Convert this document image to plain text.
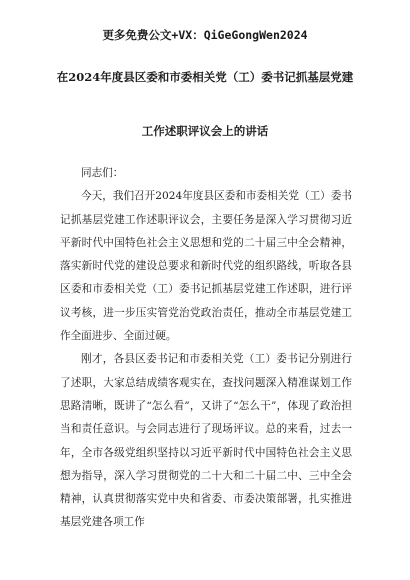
更多免费公文+VX：QiGeGongWen2024
在2024年度县区委和市委相关党（工）委书记抓基层党建
工作述职评议会上的讲话

同志们：

今天，我们召开2024年度县区委和市委相关党（工）委书记抓基层党建工作述职评议会，主要任务是深入学习贯彻习近平新时代中国特色社会主义思想和党的二十届三中全会精神，落实新时代党的建设总要求和新时代党的组织路线，听取各县区委和市委相关党（工）委书记抓基层党建工作述职，进行评议考核，进一步压实管党治党政治责任，推动全市基层党建工作全面进步、全面过硬。

刚才，各县区委书记和市委相关党（工）委书记分别进行了述职，大家总结成绩客观实在，查找问题深入精准谋划工作思路清晰，既讲了“怎么看”，又讲了“怎么干”，体现了政治担当和责任意识。与会同志进行了现场评议。总的来看，过去一年，全市各级党组织坚持以习近平新时代中国特色社会主义思想为指导，深入学习贯彻党的二十大和二十届二中、三中全会精神，认真贯彻落实党中央和省委、市委决策部署，扎实推进基层党建各项工作
